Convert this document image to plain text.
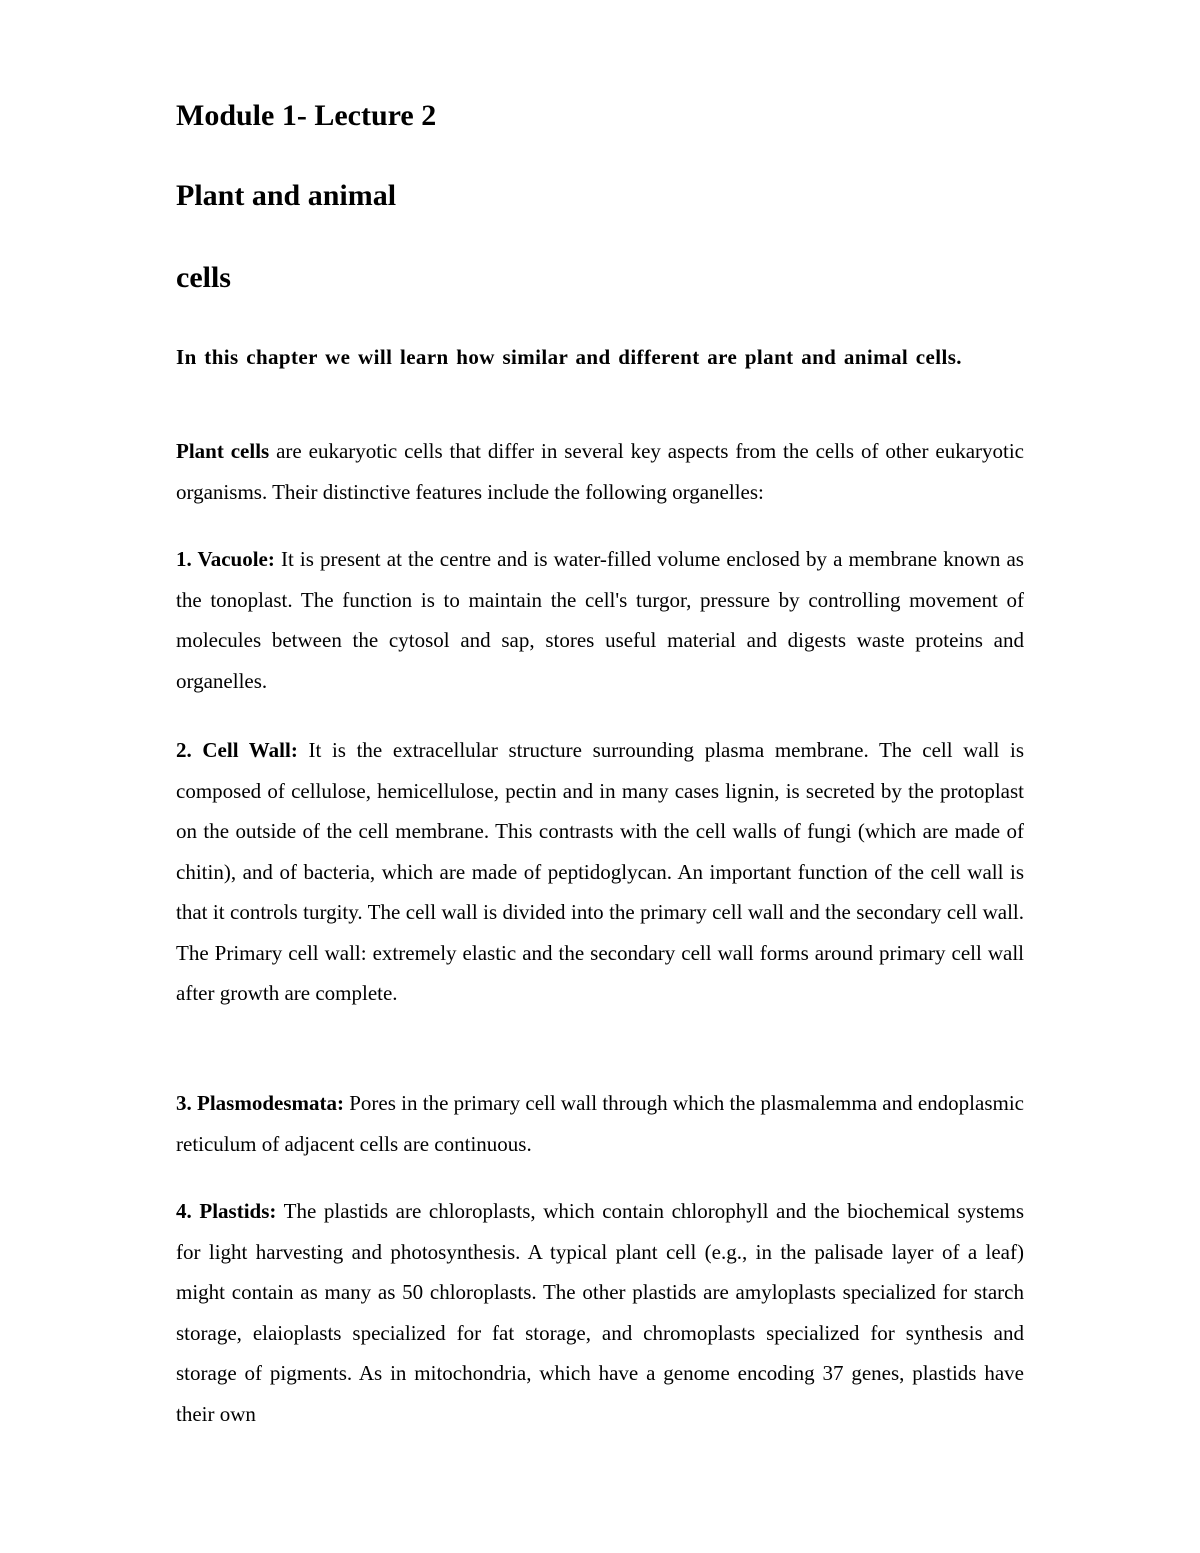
Module 1- Lecture 2
Plant and animal
cells

In this chapter we will learn how similar and different are plant and animal cells.

Plant cells are eukaryotic cells that differ in several key aspects from the cells of other eukaryotic organisms. Their distinctive features include the following organelles:

1. Vacuole: It is present at the centre and is water-filled volume enclosed by a membrane known as the tonoplast. The function is to maintain the cell's turgor, pressure by controlling movement of molecules between the cytosol and sap, stores useful material and digests waste proteins and organelles.

2. Cell Wall: It is the extracellular structure surrounding plasma membrane. The cell wall is composed of cellulose, hemicellulose, pectin and in many cases lignin, is secreted by the protoplast on the outside of the cell membrane. This contrasts with the cell walls of fungi (which are made of chitin), and of bacteria, which are made of peptidoglycan. An important function of the cell wall is that it controls turgity. The cell wall is divided into the primary cell wall and the secondary cell wall. The Primary cell wall: extremely elastic and the secondary cell wall forms around primary cell wall after growth are complete.

3. Plasmodesmata: Pores in the primary cell wall through which the plasmalemma and endoplasmic reticulum of adjacent cells are continuous.

4. Plastids: The plastids are chloroplasts, which contain chlorophyll and the biochemical systems for light harvesting and photosynthesis. A typical plant cell (e.g., in the palisade layer of a leaf) might contain as many as 50 chloroplasts. The other plastids are amyloplasts specialized for starch storage, elaioplasts specialized for fat storage, and chromoplasts specialized for synthesis and storage of pigments. As in mitochondria, which have a genome encoding 37 genes, plastids have their own
